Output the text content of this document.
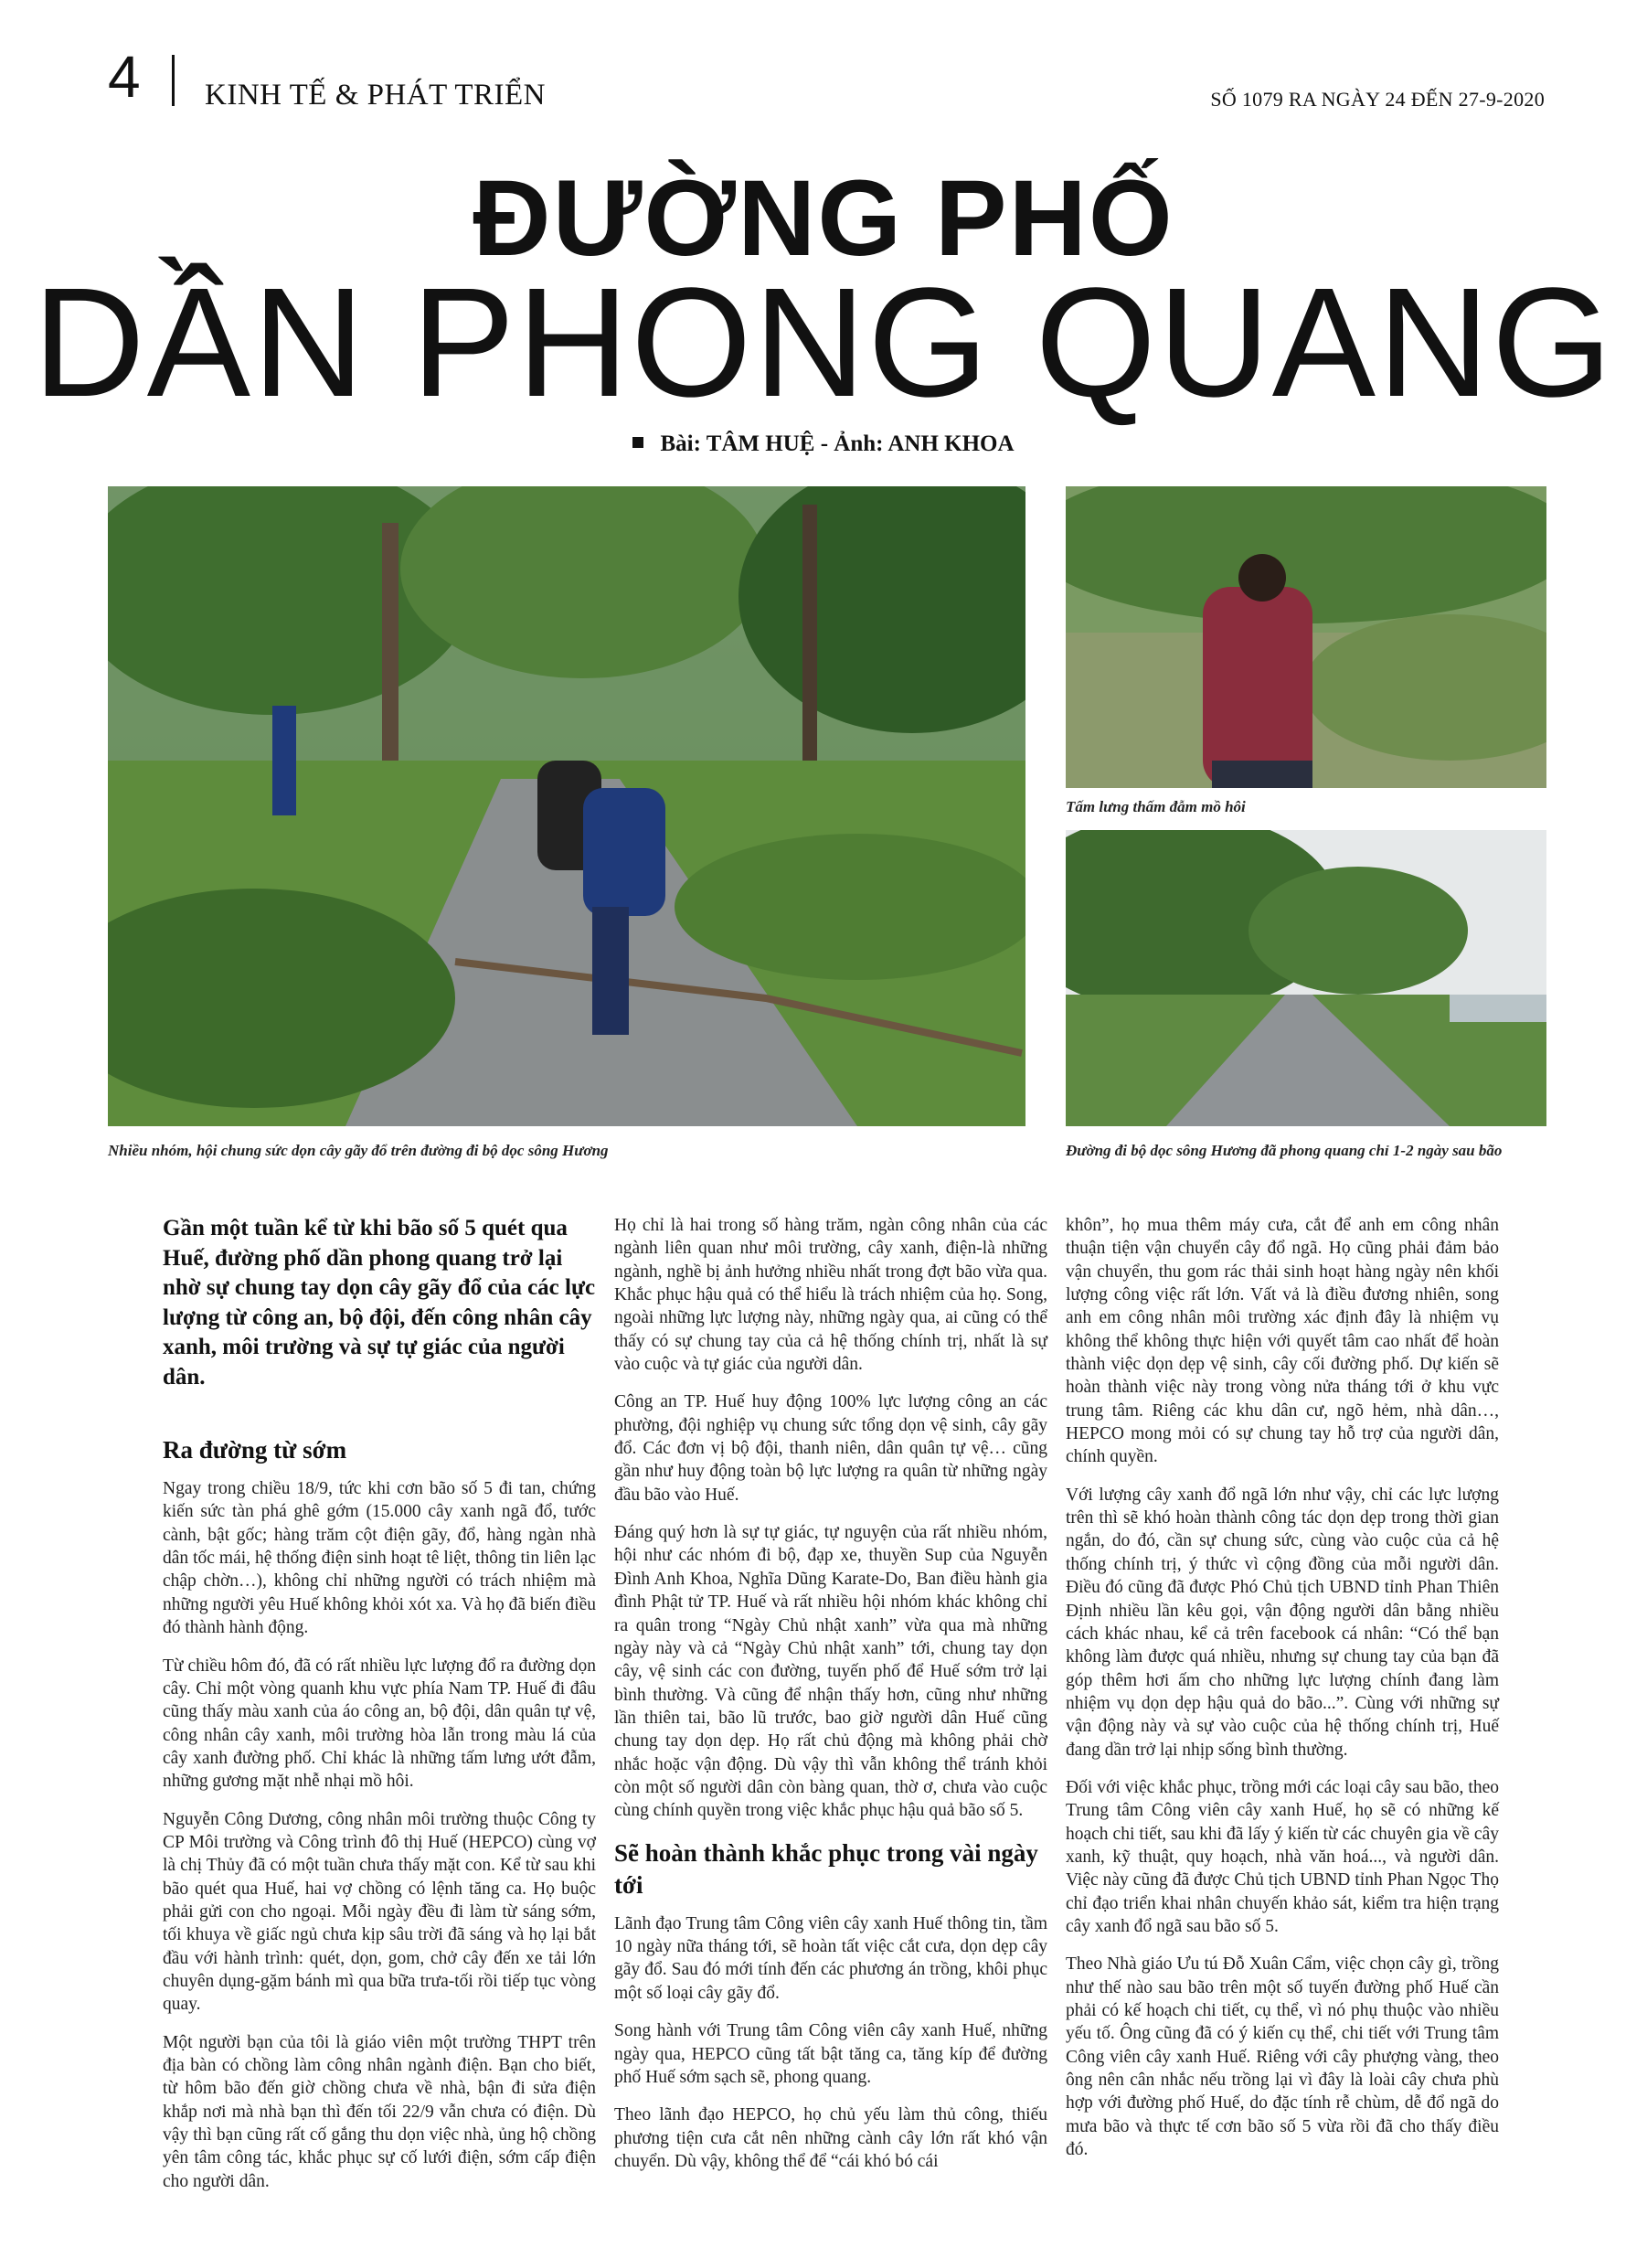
4 KINH TẾ & PHÁT TRIỂN	SỐ 1079 RA NGÀY 24 ĐẾN 27-9-2020
ĐƯỜNG PHỐ
DẦN PHONG QUANG
Bài: TÂM HUỆ - Ảnh: ANH KHOA
Nhiều nhóm, hội chung sức dọn cây gãy đổ trên đường đi bộ dọc sông Hương
Tấm lưng thấm đẫm mồ hôi
Đường đi bộ dọc sông Hương đã phong quang chỉ 1-2 ngày sau bão

Gần một tuần kể từ khi bão số 5 quét qua Huế, đường phố dần phong quang trở lại nhờ sự chung tay dọn cây gãy đổ của các lực lượng từ công an, bộ đội, đến công nhân cây xanh, môi trường và sự tự giác của người dân.

Ra đường từ sớm

Ngay trong chiều 18/9, tức khi cơn bão số 5 đi tan, chứng kiến sức tàn phá ghê gớm (15.000 cây xanh ngã đổ, tước cành, bật gốc; hàng trăm cột điện gãy, đổ, hàng ngàn nhà dân tốc mái, hệ thống điện sinh hoạt tê liệt, thông tin liên lạc chập chờn…), không chỉ những người có trách nhiệm mà những người yêu Huế không khỏi xót xa. Và họ đã biến điều đó thành hành động.

Từ chiều hôm đó, đã có rất nhiều lực lượng đổ ra đường dọn cây. Chỉ một vòng quanh khu vực phía Nam TP. Huế đi đâu cũng thấy màu xanh của áo công an, bộ đội, dân quân tự vệ, công nhân cây xanh, môi trường hòa lẫn trong màu lá của cây xanh đường phố. Chỉ khác là những tấm lưng ướt đẫm, những gương mặt nhễ nhại mồ hôi.

Nguyễn Công Dương, công nhân môi trường thuộc Công ty CP Môi trường và Công trình đô thị Huế (HEPCO) cùng vợ là chị Thủy đã có một tuần chưa thấy mặt con. Kể từ sau khi bão quét qua Huế, hai vợ chồng có lệnh tăng ca. Họ buộc phải gửi con cho ngoại. Mỗi ngày đều đi làm từ sáng sớm, tối khuya về giấc ngủ chưa kịp sâu trời đã sáng và họ lại bắt đầu với hành trình: quét, dọn, gom, chở cây đến xe tải lớn chuyên dụng-gặm bánh mì qua bữa trưa-tối rồi tiếp tục vòng quay.

Một người bạn của tôi là giáo viên một trường THPT trên địa bàn có chồng làm công nhân ngành điện. Bạn cho biết, từ hôm bão đến giờ chồng chưa về nhà, bận đi sửa điện khắp nơi mà nhà bạn thì đến tối 22/9 vẫn chưa có điện. Dù vậy thì bạn cũng rất cố gắng thu dọn việc nhà, ủng hộ chồng yên tâm công tác, khắc phục sự cố lưới điện, sớm cấp điện cho người dân.

Họ chỉ là hai trong số hàng trăm, ngàn công nhân của các ngành liên quan như môi trường, cây xanh, điện-là những ngành, nghề bị ảnh hưởng nhiều nhất trong đợt bão vừa qua. Khắc phục hậu quả có thể hiểu là trách nhiệm của họ. Song, ngoài những lực lượng này, những ngày qua, ai cũng có thể thấy có sự chung tay của cả hệ thống chính trị, nhất là sự vào cuộc và tự giác của người dân.

Công an TP. Huế huy động 100% lực lượng công an các phường, đội nghiệp vụ chung sức tổng dọn vệ sinh, cây gãy đổ. Các đơn vị bộ đội, thanh niên, dân quân tự vệ… cũng gần như huy động toàn bộ lực lượng ra quân từ những ngày đầu bão vào Huế.

Đáng quý hơn là sự tự giác, tự nguyện của rất nhiều nhóm, hội như các nhóm đi bộ, đạp xe, thuyền Sup của Nguyễn Đình Anh Khoa, Nghĩa Dũng Karate-Do, Ban điều hành gia đình Phật tử TP. Huế và rất nhiều hội nhóm khác không chỉ ra quân trong “Ngày Chủ nhật xanh” vừa qua mà những ngày này và cả “Ngày Chủ nhật xanh” tới, chung tay dọn cây, vệ sinh các con đường, tuyến phố để Huế sớm trở lại bình thường. Và cũng để nhận thấy hơn, cũng như những lần thiên tai, bão lũ trước, bao giờ người dân Huế cũng chung tay dọn dẹp. Họ rất chủ động mà không phải chờ nhắc hoặc vận động. Dù vậy thì vẫn không thể tránh khỏi còn một số người dân còn bàng quan, thờ ơ, chưa vào cuộc cùng chính quyền trong việc khắc phục hậu quả bão số 5.

Sẽ hoàn thành khắc phục trong vài ngày tới

Lãnh đạo Trung tâm Công viên cây xanh Huế thông tin, tầm 10 ngày nữa tháng tới, sẽ hoàn tất việc cắt cưa, dọn dẹp cây gãy đổ. Sau đó mới tính đến các phương án trồng, khôi phục một số loại cây gãy đổ.

Song hành với Trung tâm Công viên cây xanh Huế, những ngày qua, HEPCO cũng tất bật tăng ca, tăng kíp để đường phố Huế sớm sạch sẽ, phong quang.

Theo lãnh đạo HEPCO, họ chủ yếu làm thủ công, thiếu phương tiện cưa cắt nên những cành cây lớn rất khó vận chuyển. Dù vậy, không thể để “cái khó bó cái

khôn”, họ mua thêm máy cưa, cắt để anh em công nhân thuận tiện vận chuyển cây đổ ngã. Họ cũng phải đảm bảo vận chuyển, thu gom rác thải sinh hoạt hàng ngày nên khối lượng công việc rất lớn. Vất vả là điều đương nhiên, song anh em công nhân môi trường xác định đây là nhiệm vụ không thể không thực hiện với quyết tâm cao nhất để hoàn thành việc dọn dẹp vệ sinh, cây cối đường phố. Dự kiến sẽ hoàn thành việc này trong vòng nửa tháng tới ở khu vực trung tâm. Riêng các khu dân cư, ngõ hẻm, nhà dân…, HEPCO mong mỏi có sự chung tay hỗ trợ của người dân, chính quyền.

Với lượng cây xanh đổ ngã lớn như vậy, chỉ các lực lượng trên thì sẽ khó hoàn thành công tác dọn dẹp trong thời gian ngắn, do đó, cần sự chung sức, cùng vào cuộc của cả hệ thống chính trị, ý thức vì cộng đồng của mỗi người dân. Điều đó cũng đã được Phó Chủ tịch UBND tỉnh Phan Thiên Định nhiều lần kêu gọi, vận động người dân bằng nhiều cách khác nhau, kể cả trên facebook cá nhân: “Có thể bạn không làm được quá nhiều, nhưng sự chung tay của bạn đã góp thêm hơi ấm cho những lực lượng chính đang làm nhiệm vụ dọn dẹp hậu quả do bão...”. Cùng với những sự vận động này và sự vào cuộc của hệ thống chính trị, Huế đang dần trở lại nhịp sống bình thường.

Đối với việc khắc phục, trồng mới các loại cây sau bão, theo Trung tâm Công viên cây xanh Huế, họ sẽ có những kế hoạch chi tiết, sau khi đã lấy ý kiến từ các chuyên gia về cây xanh, kỹ thuật, quy hoạch, nhà văn hoá..., và người dân. Việc này cũng đã được Chủ tịch UBND tỉnh Phan Ngọc Thọ chỉ đạo triển khai nhân chuyến khảo sát, kiểm tra hiện trạng cây xanh đổ ngã sau bão số 5.

Theo Nhà giáo Ưu tú Đỗ Xuân Cẩm, việc chọn cây gì, trồng như thế nào sau bão trên một số tuyến đường phố Huế cần phải có kế hoạch chi tiết, cụ thể, vì nó phụ thuộc vào nhiều yếu tố. Ông cũng đã có ý kiến cụ thể, chi tiết với Trung tâm Công viên cây xanh Huế. Riêng với cây phượng vàng, theo ông nên cân nhắc nếu trồng lại vì đây là loài cây chưa phù hợp với đường phố Huế, do đặc tính rễ chùm, dễ đổ ngã do mưa bão và thực tế cơn bão số 5 vừa rồi đã cho thấy điều đó.
